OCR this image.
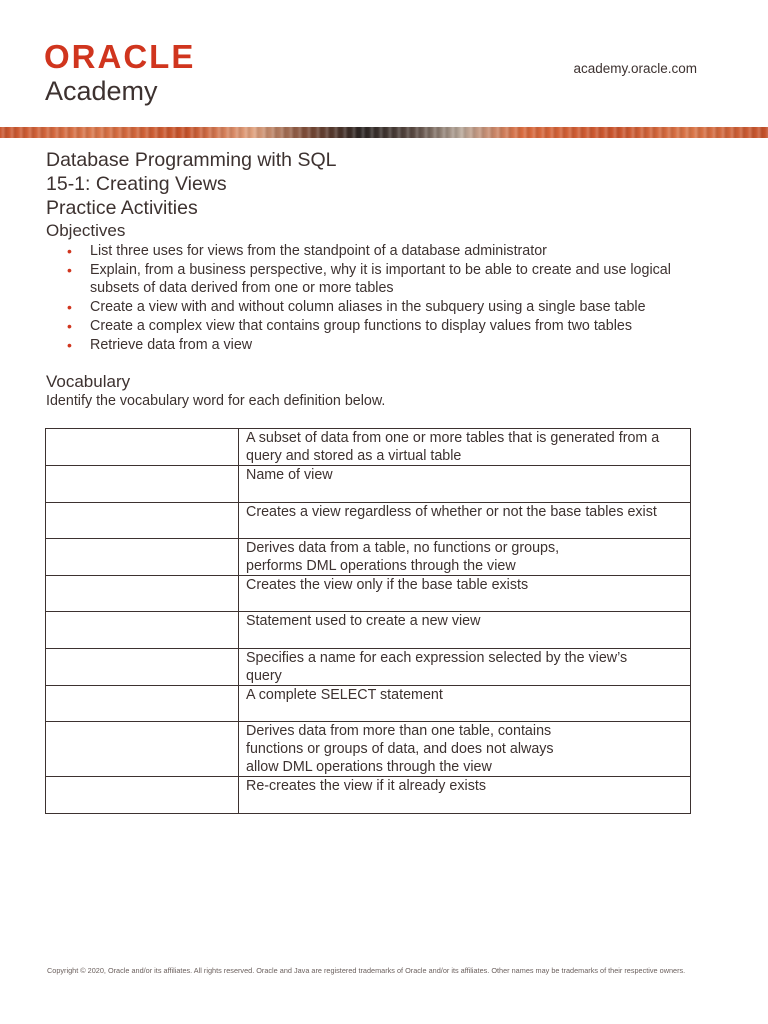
ORACLE
Academy
academy.oracle.com
Database Programming with SQL
15-1: Creating Views
Practice Activities
Objectives
• List three uses for views from the standpoint of a database administrator
• Explain, from a business perspective, why it is important to be able to create and use logical
subsets of data derived from one or more tables
• Create a view with and without column aliases in the subquery using a single base table
• Create a complex view that contains group functions to display values from two tables
• Retrieve data from a view
Vocabulary
Identify the vocabulary word for each definition below.
	A subset of data from one or more tables that is generated from a
query and stored as a virtual table
	Name of view
	Creates a view regardless of whether or not the base tables exist
	Derives data from a table, no functions or groups,
performs DML operations through the view
	Creates the view only if the base table exists
	Statement used to create a new view
	Specifies a name for each expression selected by the view’s
query
	A complete SELECT statement
	Derives data from more than one table, contains
functions or groups of data, and does not always
allow DML operations through the view
	Re-creates the view if it already exists
Copyright © 2020, Oracle and/or its affiliates. All rights reserved. Oracle and Java are registered trademarks of Oracle and/or its affiliates. Other names may be trademarks of their respective owners.
